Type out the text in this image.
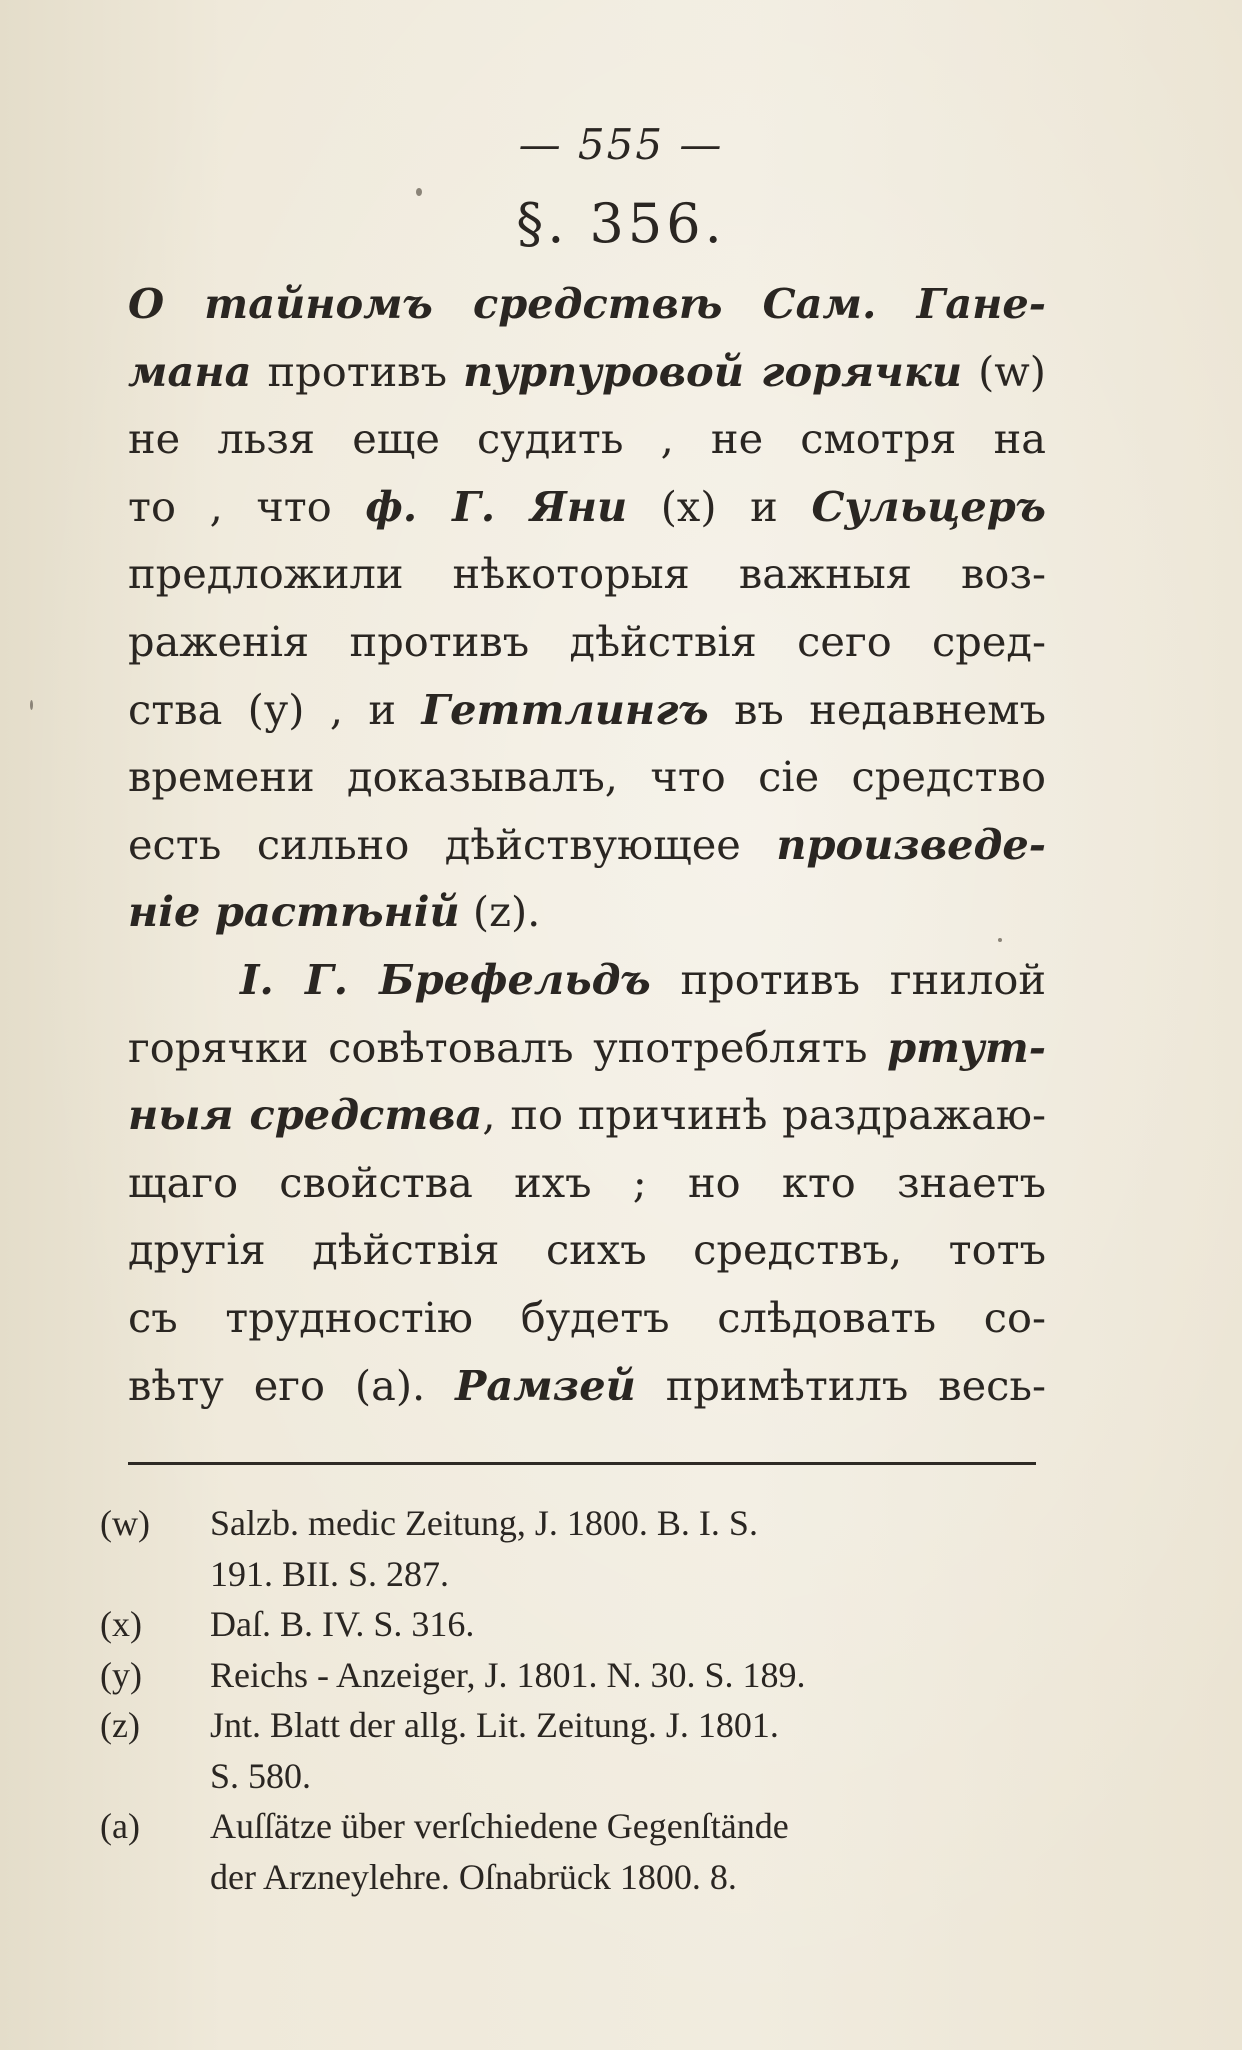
— 555 —
§. 356.
О тайномъ средствѣ Сам. Гане-
мана противъ пурпуровой горячки (w)
не льзя еще судить , не смотря на
то , что ф. Г. Яни (x) и Сульцеръ
предложили нѣкоторыя важныя воз-
раженія противъ дѣйствія сего сред-
ства (у) , и Геттлингъ въ недавнемъ
времени доказывалъ, что сіе средство
есть сильно дѣйствующее произведе-
ніе растѣній (z).
І. Г. Брефельдъ противъ гнилой
горячки совѣтовалъ употреблять ртут-
ныя средства, по причинѣ раздражаю-
щаго свойства ихъ ; но кто знаетъ
другія дѣйствія сихъ средствъ, тотъ
съ трудностію будетъ слѣдовать со-
вѣту его (а). Рамзей примѣтилъ весь-
(w) Salzb. medic Zeitung, J. 1800. B. I. S.
191. BII. S. 287.
(x) Daſ. B. IV. S. 316.
(y) Reichs - Anzeiger, J. 1801. N. 30. S. 189.
(z) Jnt. Blatt der allg. Lit. Zeitung. J. 1801.
S. 580.
(a) Auſſätze über verſchiedene Gegenſtände
der Arzneylehre. Oſnabrück 1800. 8.
